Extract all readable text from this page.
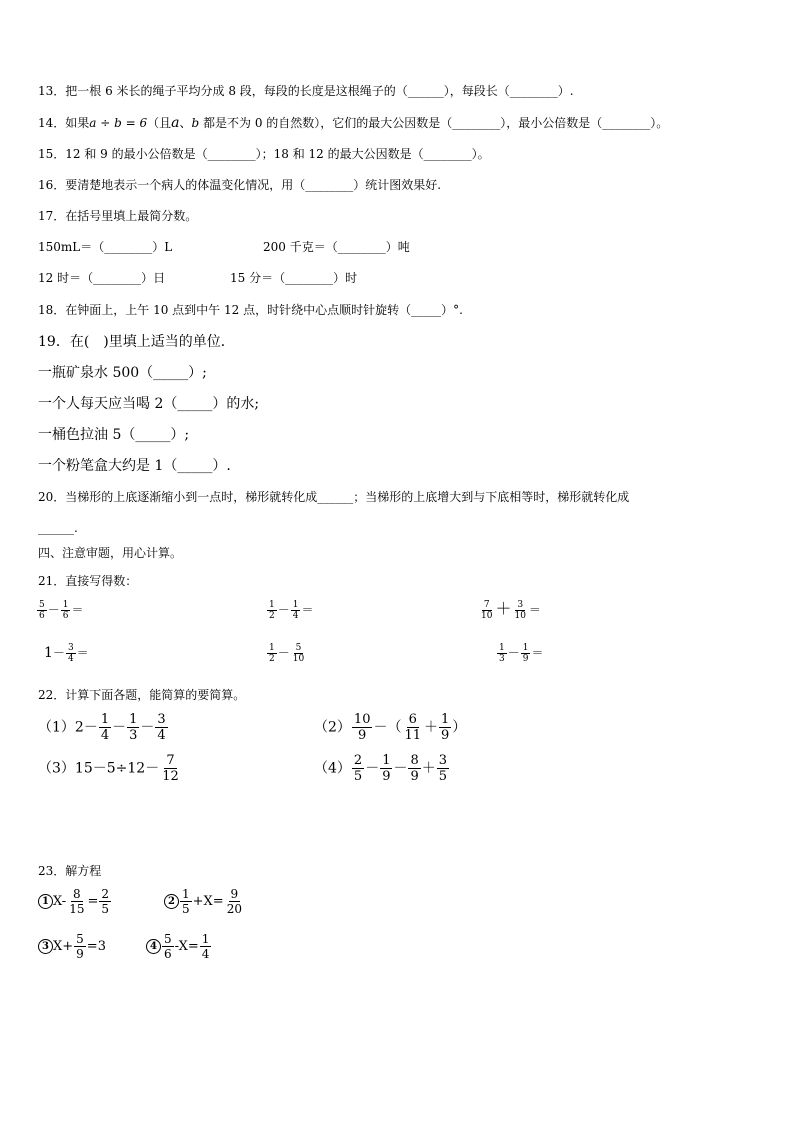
13．把一根 6 米长的绳子平均分成 8 段，每段的长度是这根绳子的（______），每段长（________）.
14．如果a ÷ b = 6（且a、b 都是不为 0 的自然数），它们的最大公因数是（________），最小公倍数是（________）。
15．12 和 9 的最小公倍数是（________）；18 和 12 的最大公因数是（________）。
16．要清楚地表示一个病人的体温变化情况，用（________）统计图效果好.
17．在括号里填上最简分数。
150mL＝（________）L	200 千克＝（________）吨
12 时＝（________）日	15 分＝（________）时
18．在钟面上，上午 10 点到中午 12 点，时针绕中心点顺时针旋转（_____）°.
19．在(　)里填上适当的单位．
一瓶矿泉水 500（_____）;
一个人每天应当喝 2（_____）的水;
一桶色拉油 5（_____）;
一个粉笔盒大约是 1（_____）.
20．当梯形的上底逐渐缩小到一点时，梯形就转化成______；当梯形的上底增大到与下底相等时，梯形就转化成
______.
四、注意审题，用心计算。
21．直接写得数：
$\frac{5}{6} - \frac{1}{6}$ ＝	$\frac{1}{2} - \frac{1}{4}$ ＝	$\frac{7}{10} + \frac{3}{10}$ ＝
$1- \frac{3}{4}$ ＝	$\frac{1}{2} - \frac{5}{10}$	$\frac{1}{3} - \frac{1}{9}$ ＝
22．计算下面各题，能简算的要简算。
$(1)2- \frac{1}{4} - \frac{1}{3} - \frac{3}{4}$	$(2) \frac{10}{9}$ －（ $\frac{6}{11} + \frac{1}{9}$ ）
$(3)15-5\div 12- \frac{7}{12}$	$(4) \frac{2}{5} - \frac{1}{9} - \frac{8}{9} + \frac{3}{5}$
23．解方程
1 $X- \frac{8}{15} = \frac{2}{5}$	$2 \frac{1}{5} +X= \frac{9}{20}$
3 $X+ \frac{5}{9} =3$	$4 \frac{5}{6} -X= \frac{1}{4}$
